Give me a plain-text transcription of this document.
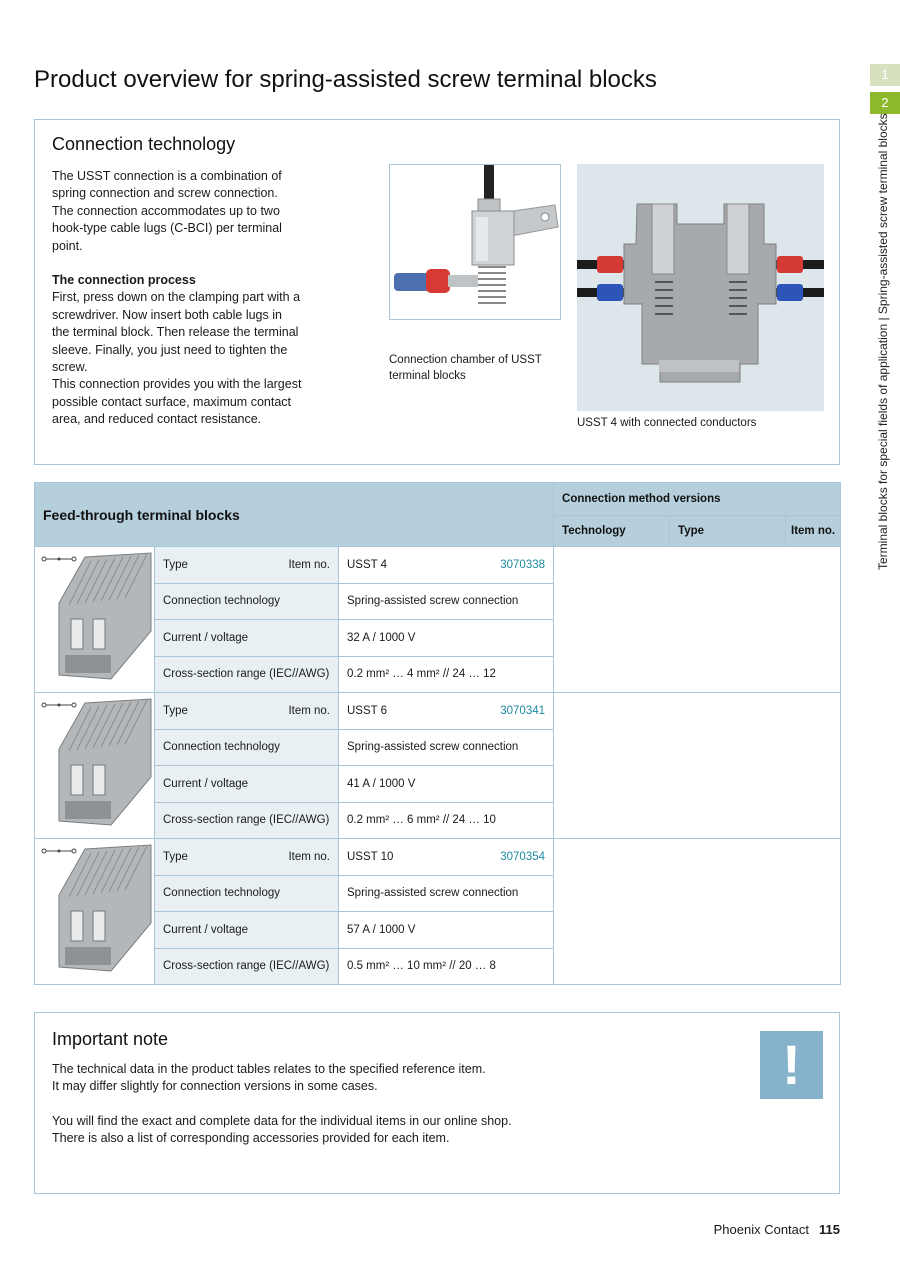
Product overview for spring-assisted screw terminal blocks	1
2
Terminal blocks for special fields of application | Spring-assisted screw terminal blocks
Connection technology

The USST connection is a combination of spring connection and screw connection. The connection accommodates up to two hook-type cable lugs (C-BCI) per terminal point.

The connection process
First, press down on the clamping part with a screwdriver. Now insert both cable lugs in the terminal block. Then release the terminal sleeve. Finally, you just need to tighten the screw.
This connection provides you with the largest possible contact surface, maximum contact area, and reduced contact resistance.

Connection chamber of USST terminal blocks
USST 4 with connected conductors
Feed-through terminal blocks			Connection method versions		
			Technology	Type	Item no.

Type Item no.	USST 4 3070338			

	Connection technology	Spring-assisted screw connection			
	Current / voltage	32 A / 1000 V			
	Cross-section range (IEC//AWG)	0.2 mm² … 4 mm² // 24 … 12			

Type Item no.	USST 6 3070341			

	Connection technology	Spring-assisted screw connection			
	Current / voltage	41 A / 1000 V			
	Cross-section range (IEC//AWG)	0.2 mm² … 6 mm² // 24 … 10			

Type Item no.	USST 10 3070354			

	Connection technology	Spring-assisted screw connection			
	Current / voltage	57 A / 1000 V			
	Cross-section range (IEC//AWG)	0.5 mm² … 10 mm² // 20 … 8			
Important note

The technical data in the product tables relates to the specified reference item.
It may differ slightly for connection versions in some cases.

You will find the exact and complete data for the individual items in our online shop.
There is also a list of corresponding accessories provided for each item.

!
Phoenix Contact 115
